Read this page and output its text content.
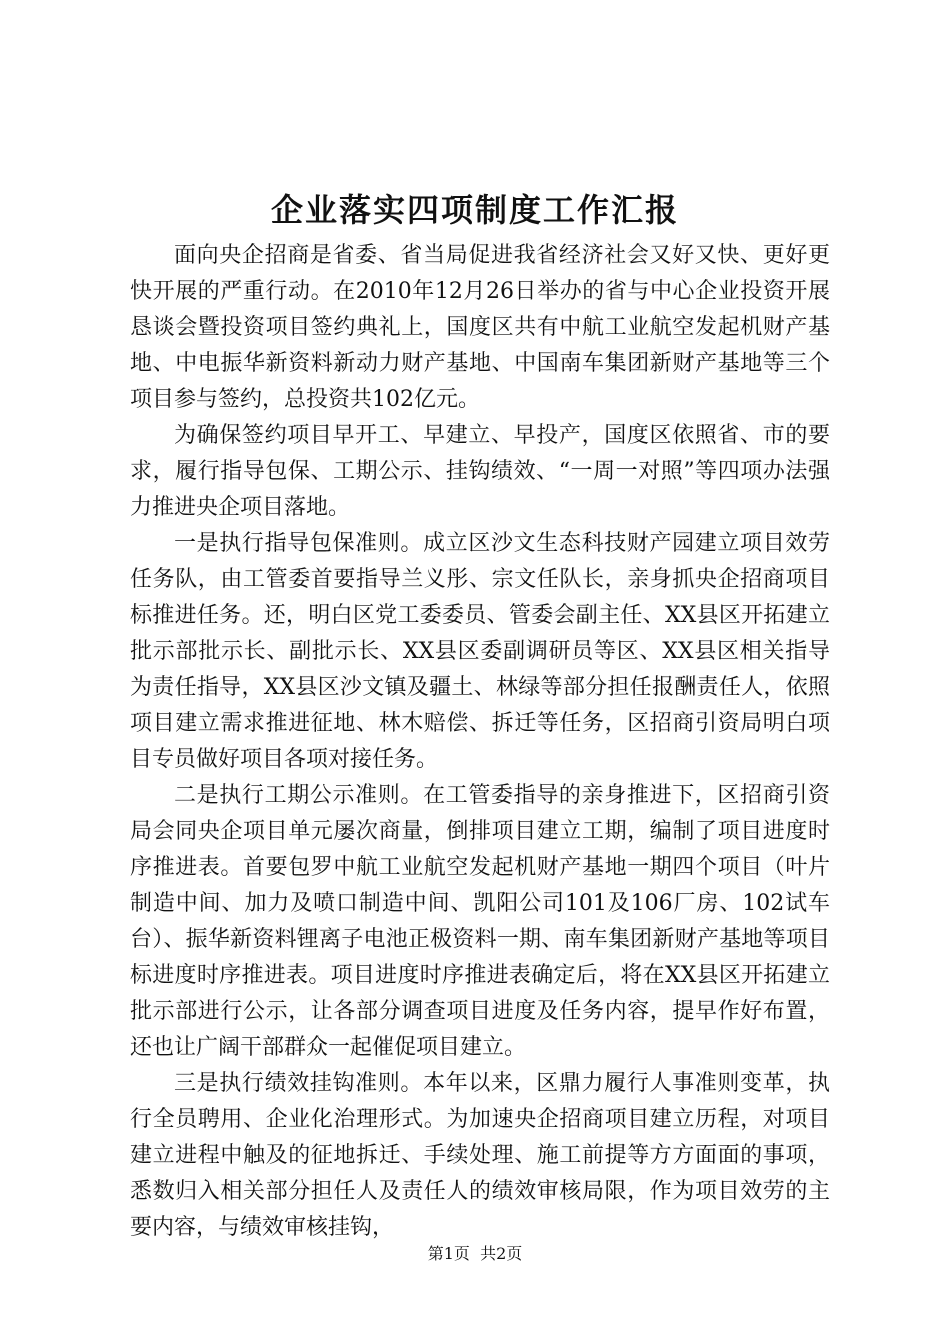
企业落实四项制度工作汇报

面向央企招商是省委、省当局促进我省经济社会又好又快、更好更快开展的严重行动。在2010年12月26日举办的省与中心企业投资开展恳谈会暨投资项目签约典礼上，国度区共有中航工业航空发起机财产基地、中电振华新资料新动力财产基地、中国南车集团新财产基地等三个项目参与签约，总投资共102亿元。

为确保签约项目早开工、早建立、早投产，国度区依照省、市的要求，履行指导包保、工期公示、挂钩绩效、“一周一对照”等四项办法强力推进央企项目落地。

一是执行指导包保准则。成立区沙文生态科技财产园建立项目效劳任务队，由工管委首要指导兰义彤、宗文任队长，亲身抓央企招商项目标推进任务。还，明白区党工委委员、管委会副主任、XX县区开拓建立批示部批示长、副批示长、XX县区委副调研员等区、XX县区相关指导为责任指导，XX县区沙文镇及疆土、林绿等部分担任报酬责任人，依照项目建立需求推进征地、林木赔偿、拆迁等任务，区招商引资局明白项目专员做好项目各项对接任务。

二是执行工期公示准则。在工管委指导的亲身推进下，区招商引资局会同央企项目单元屡次商量，倒排项目建立工期，编制了项目进度时序推进表。首要包罗中航工业航空发起机财产基地一期四个项目（叶片制造中间、加力及喷口制造中间、凯阳公司101及106厂房、102试车台）、振华新资料锂离子电池正极资料一期、南车集团新财产基地等项目标进度时序推进表。项目进度时序推进表确定后，将在XX县区开拓建立批示部进行公示，让各部分调查项目进度及任务内容，提早作好布置，还也让广阔干部群众一起催促项目建立。

三是执行绩效挂钩准则。本年以来，区鼎力履行人事准则变革，执行全员聘用、企业化治理形式。为加速央企招商项目建立历程，对项目建立进程中触及的征地拆迁、手续处理、施工前提等方方面面的事项，悉数归入相关部分担任人及责任人的绩效审核局限，作为项目效劳的主要内容，与绩效审核挂钩，

第1页 共2页
